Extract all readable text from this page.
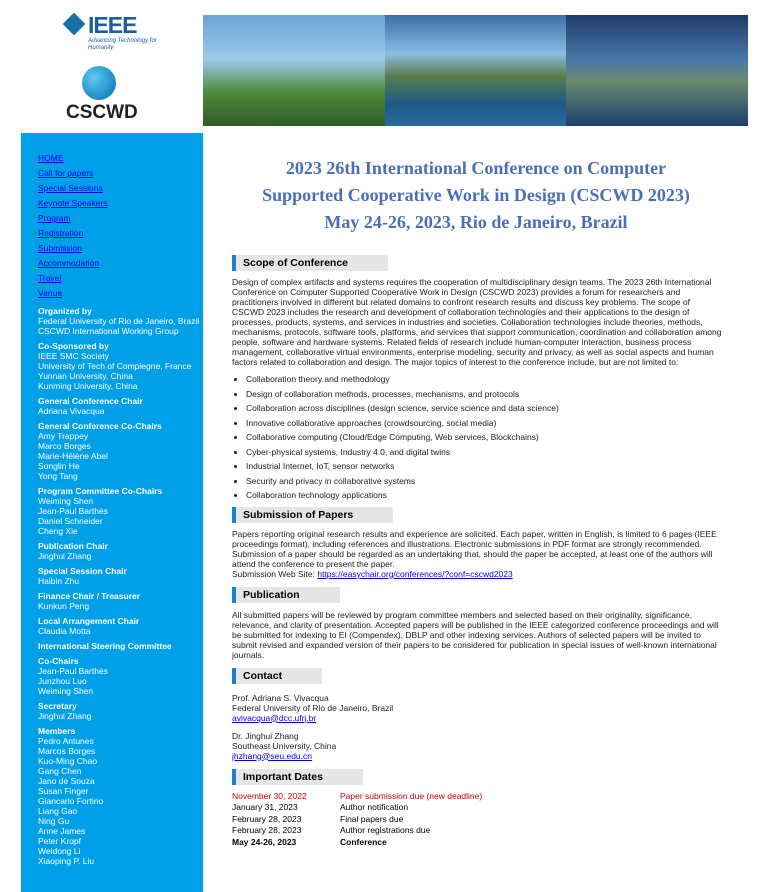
IEEE
Advancing Technology for Humanity
CSCWD
HOME
Call for papers
Special Sessions
Keynote Speakers
Program
Registration
Submission
Accommodation
Travel
Venue
Organized by
Federal University of Rio de Janeiro, Brazil
CSCWD International Working Group
Co-Sponsored by
IEEE SMC Society
University of Tech of Compiegne, France
Yunnan University, China
Kunming University, China
General Conference Chair
Adriana Vivacqua
General Conference Co-Chairs
Amy Trappey
Marco Borges
Marie-Hélène Abel
Songlin He
Yong Tang
Program Committee Co-Chairs
Weiming Shen
Jean-Paul Barthès
Daniel Schneider
Cheng Xie
Publication Chair
Jinghui Zhang
Special Session Chair
Haibin Zhu
Finance Chair / Treasurer
Kunkun Peng
Local Arrangement Chair
Claudia Motta
International Steering Committee
Co-Chairs
Jean-Paul Barthès
Junzhou Luo
Weiming Shen
Secretary
Jinghui Zhang
Members
Pedro Antunes
Marcos Borges
Kuo-Ming Chao
Gang Chen
Jano de Souza
Susan Finger
Giancarlo Fortino
Liang Gao
Ning Gu
Anne James
Peter Kropf
Weidong Li
Xiaoping P. Liu
2023 26th International Conference on Computer
Supported Cooperative Work in Design (CSCWD 2023)
May 24-26, 2023, Rio de Janeiro, Brazil
Scope of Conference
Design of complex artifacts and systems requires the cooperation of multidisciplinary design teams. The 2023 26th International Conference on Computer Supported Cooperative Work in Design (CSCWD 2023) provides a forum for researchers and practitioners involved in different but related domains to confront research results and discuss key problems. The scope of CSCWD 2023 includes the research and development of collaboration technologies and their applications to the design of processes, products, systems, and services in industries and societies. Collaboration technologies include theories, methods, mechanisms, protocols, software tools, platforms, and services that support communication, coordination and collaboration among people, software and hardware systems. Related fields of research include human-computer interaction, business process management, collaborative virtual environments, enterprise modeling, security and privacy, as well as social aspects and human factors related to collaboration and design. The major topics of interest to the conference include, but are not limited to:
• Collaboration theory and methodology
• Design of collaboration methods, processes, mechanisms, and protocols
• Collaboration across disciplines (design science, service science and data science)
• Innovative collaborative approaches (crowdsourcing, social media)
• Collaborative computing (Cloud/Edge Computing, Web services, Blockchains)
• Cyber-physical systems, Industry 4.0, and digital twins
• Industrial Internet, IoT, sensor networks
• Security and privacy in collaborative systems
• Collaboration technology applications
Submission of Papers
Papers reporting original research results and experience are solicited. Each paper, written in English, is limited to 6 pages (IEEE proceedings format), including references and illustrations. Electronic submissions in PDF format are strongly recommended. Submission of a paper should be regarded as an undertaking that, should the paper be accepted, at least one of the authors will attend the conference to present the paper.
Submission Web Site: https://easychair.org/conferences/?conf=cscwd2023
Publication
All submitted papers will be reviewed by program committee members and selected based on their originality, significance, relevance, and clarity of presentation. Accepted papers will be published in the IEEE categorized conference proceedings and will be submitted for indexing to EI (Compendex), DBLP and other indexing services. Authors of selected papers will be invited to submit revised and expanded version of their papers to be considered for publication in special issues of well-known international journals.
Contact
Prof. Adriana S. Vivacqua
Federal University of Rio de Janeiro, Brazil
avivacqua@dcc.ufrj.br
Dr. Jinghui Zhang
Southeast University, China
jhzhang@seu.edu.cn
Important Dates
November 30, 2022	Paper submission due (new deadline)
January 31, 2023	Author notification
February 28, 2023	Final papers due
February 28, 2023	Author registrations due
May 24-26, 2023	Conference
